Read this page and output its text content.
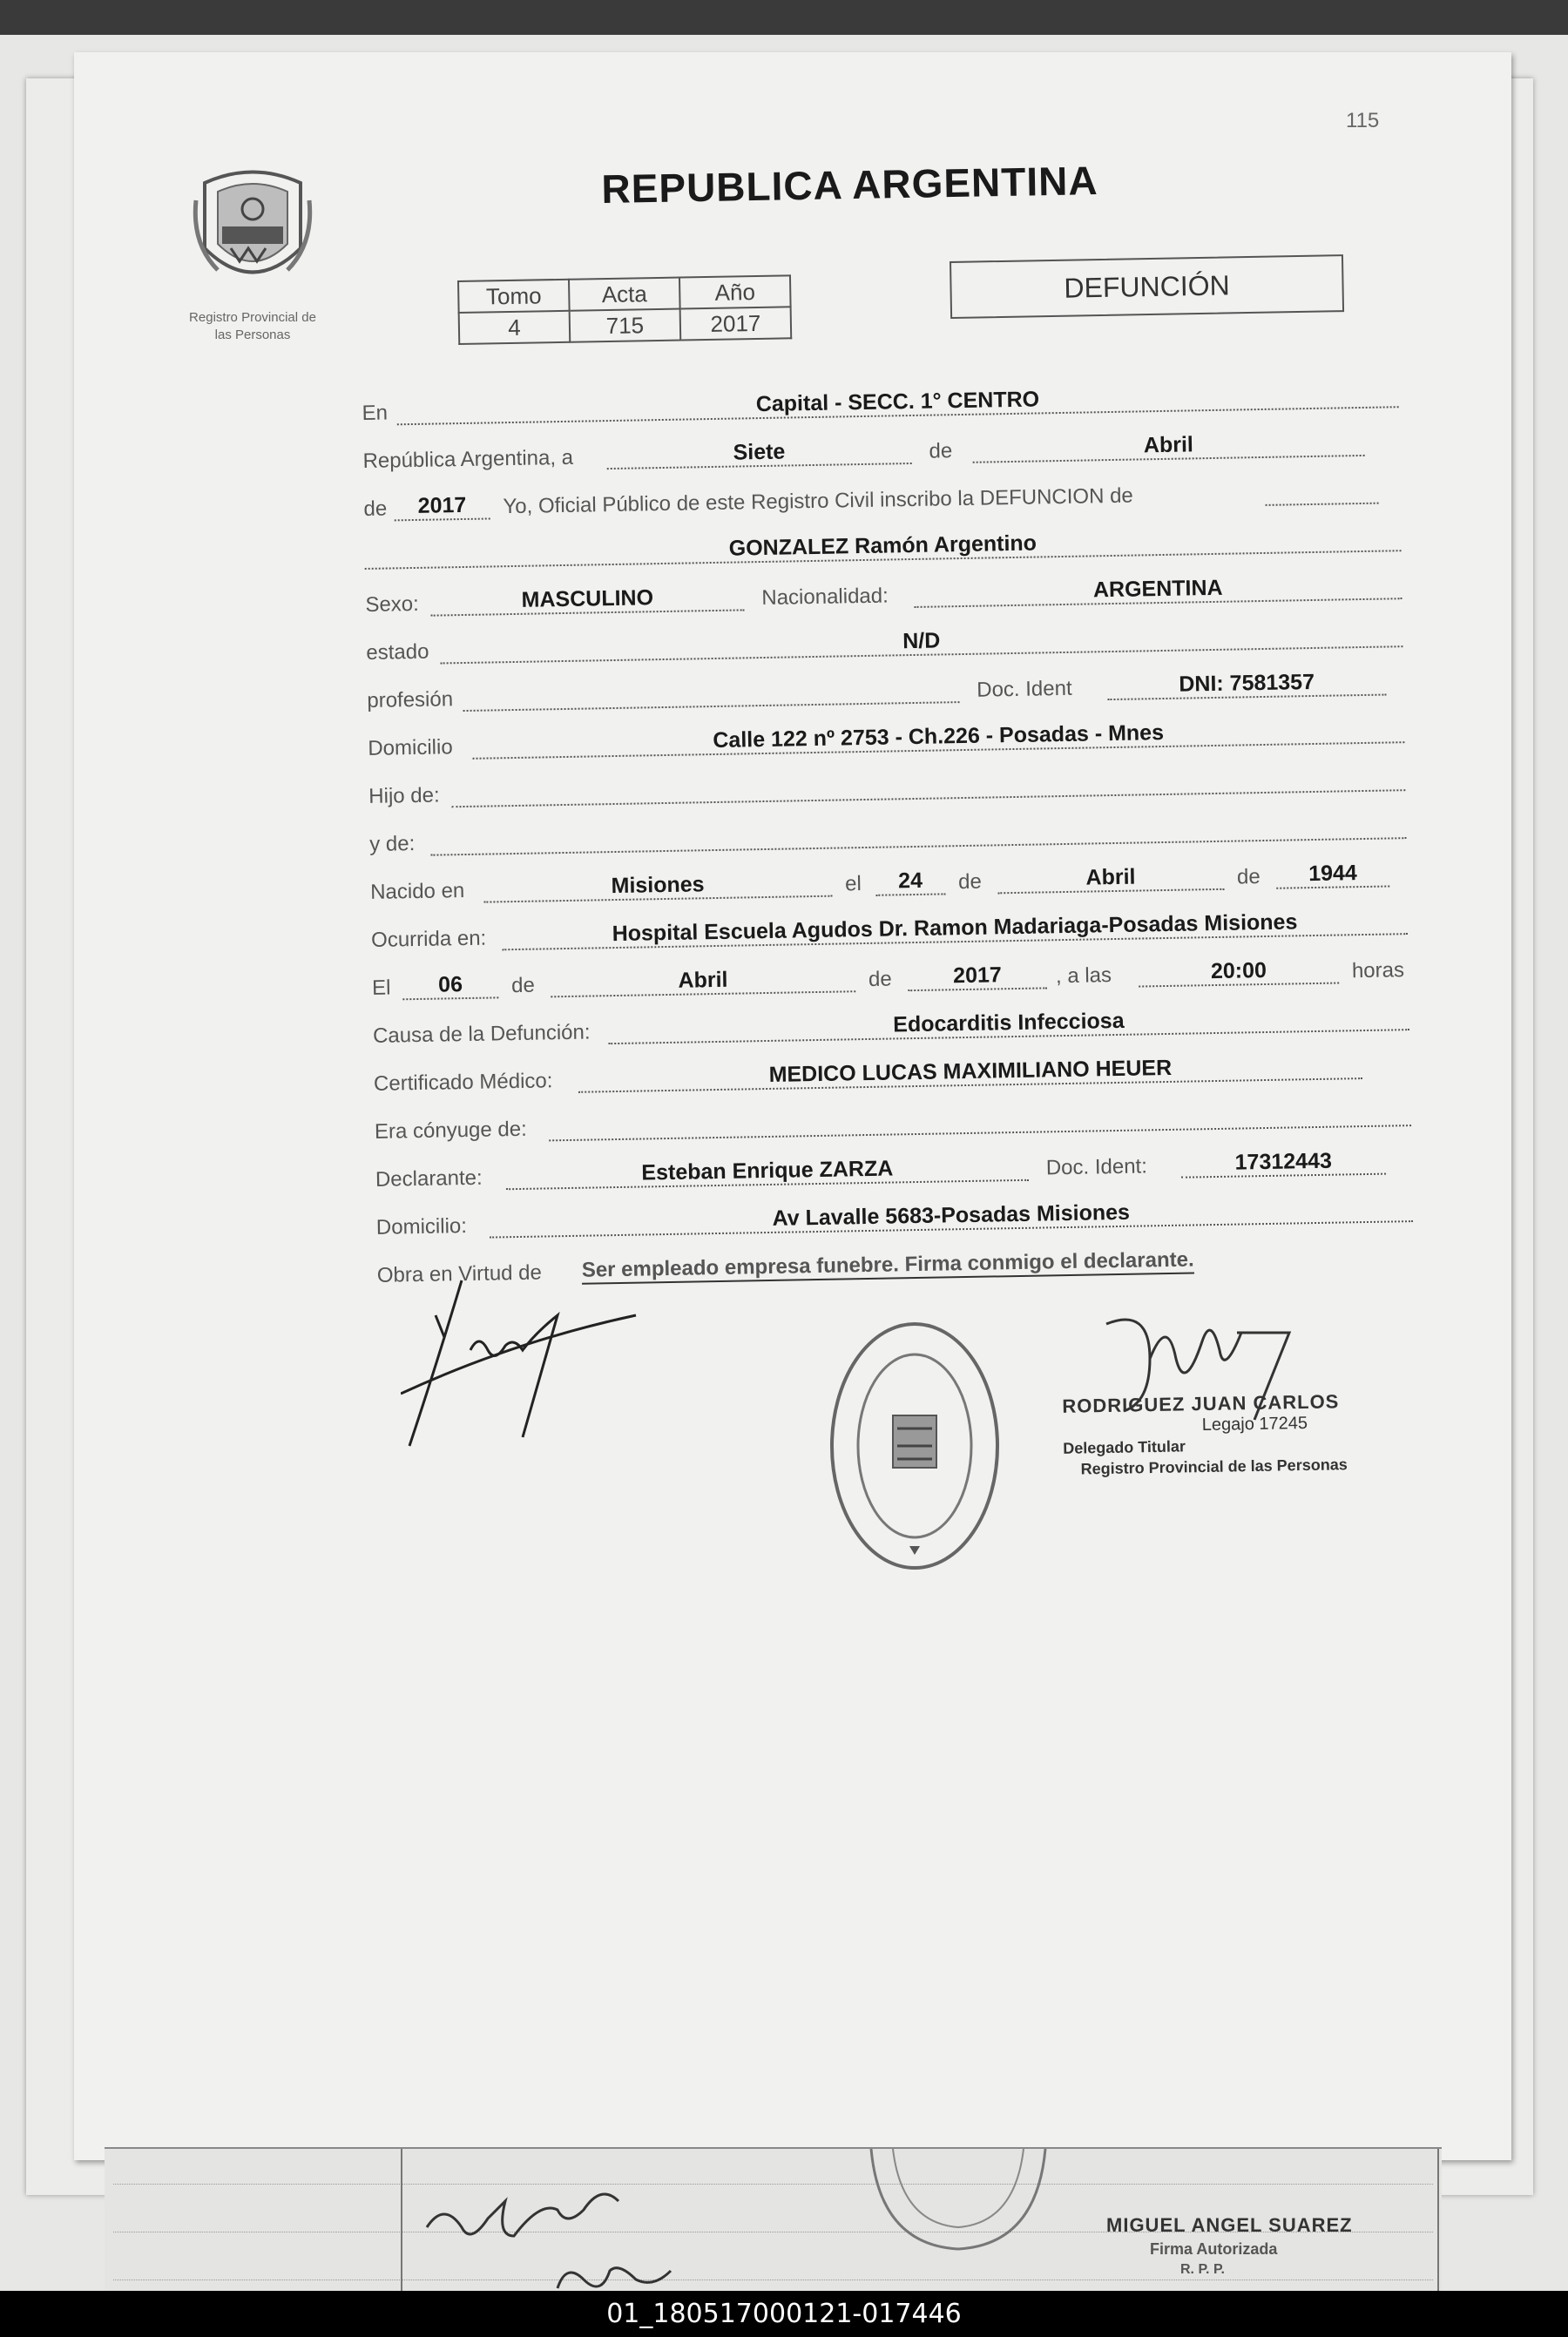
MIGUEL ANGEL SUAREZ
Firma Autorizada
R. P. P.
115
Registro Provincial de
las Personas
REPUBLICA ARGENTINA
Tomo	Acta	Año
4	715	2017
DEFUNCIÓN
En	Capital - SECC. 1° CENTRO
República Argentina, a	Siete	de	Abril
de	2017	Yo, Oficial Público de este Registro Civil inscribo la DEFUNCION de
GONZALEZ Ramón Argentino
Sexo:	MASCULINO	Nacionalidad:	ARGENTINA
estado	N/D
profesión	Doc. Ident	DNI: 7581357
Domicilio	Calle 122 nº 2753 - Ch.226 - Posadas - Mnes
Hijo de:
y de:
Nacido en	Misiones	el	24	de	Abril	de	1944
Ocurrida en:	Hospital Escuela Agudos Dr. Ramon Madariaga-Posadas Misiones
El	06	de	Abril	de	2017	, a las	20:00	horas
Causa de la Defunción:	Edocarditis Infecciosa
Certificado Médico:	MEDICO LUCAS MAXIMILIANO HEUER
Era cónyuge de:
Declarante:	Esteban Enrique ZARZA	Doc. Ident:	17312443
Domicilio:	Av Lavalle 5683-Posadas Misiones
Obra en Virtud de Ser empleado empresa funebre. Firma conmigo el declarante.
RODRIGUEZ JUAN CARLOS
Legajo 17245
Delegado Titular
Registro Provincial de las Personas
01_180517000121-017446
